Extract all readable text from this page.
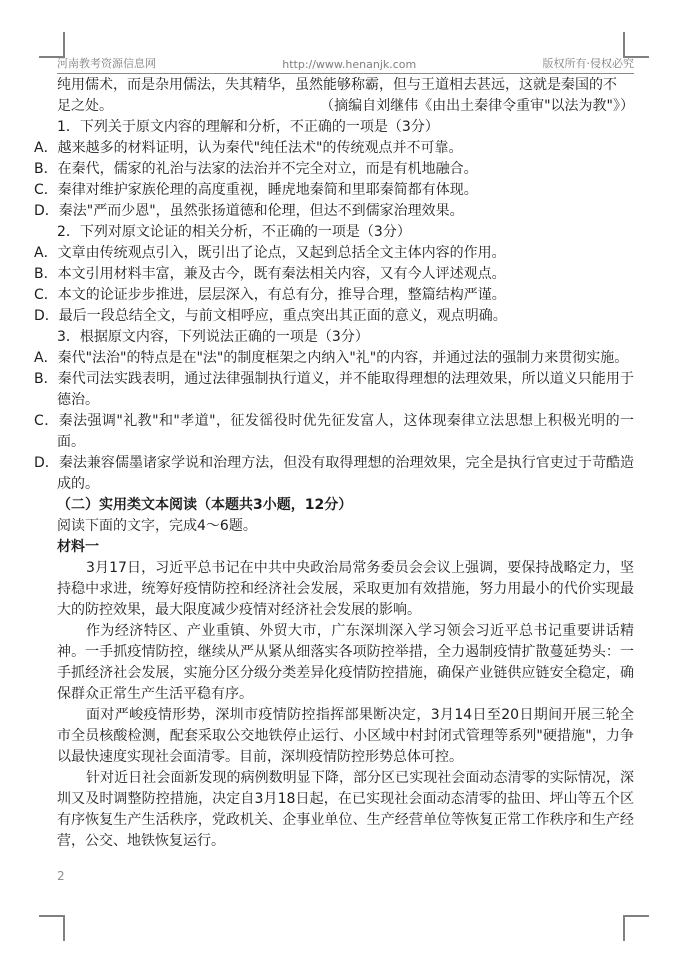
河南教考资源信息网	http://www.henanjk.com	版权所有·侵权必究

纯用儒术，而是杂用儒法，失其精华，虽然能够称霸，但与王道相去甚远，这就是秦国的不

足之处。	（摘编自刘继伟《由出土秦律令重审"以法为教"》）

1．下列关于原文内容的理解和分析，不正确的一项是（3分）

A．越来越多的材料证明，认为秦代"纯任法术"的传统观点并不可靠。

B．在秦代，儒家的礼治与法家的法治并不完全对立，而是有机地融合。

C．秦律对维护家族伦理的高度重视，睡虎地秦简和里耶秦简都有体现。

D．秦法"严而少恩"，虽然张扬道德和伦理，但达不到儒家治理效果。

2．下列对原文论证的相关分析，不正确的一项是（3分）

A．文章由传统观点引入，既引出了论点，又起到总括全文主体内容的作用。

B．本文引用材料丰富，兼及古今，既有秦法相关内容，又有今人评述观点。

C．本文的论证步步推进，层层深入，有总有分，推导合理，整篇结构严谨。

D．最后一段总结全文，与前文相呼应，重点突出其正面的意义，观点明确。

3．根据原文内容，下列说法正确的一项是（3分）

A．秦代"法治"的特点是在"法"的制度框架之内纳入"礼"的内容，并通过法的强制力来贯彻实施。

B．秦代司法实践表明，通过法律强制执行道义，并不能取得理想的法理效果，所以道义只能用于德治。

C．秦法强调"礼教"和"孝道"，征发徭役时优先征发富人，这体现秦律立法思想上积极光明的一面。

D．秦法兼容儒墨诸家学说和治理方法，但没有取得理想的治理效果，完全是执行官吏过于苛酷造成的。

（二）实用类文本阅读（本题共3小题，12分）

阅读下面的文字，完成4～6题。

材料一

3月17日，习近平总书记在中共中央政治局常务委员会会议上强调，要保持战略定力，坚持稳中求进，统筹好疫情防控和经济社会发展，采取更加有效措施，努力用最小的代价实现最大的防控效果，最大限度减少疫情对经济社会发展的影响。

作为经济特区、产业重镇、外贸大市，广东深圳深入学习领会习近平总书记重要讲话精神。一手抓疫情防控，继续从严从紧从细落实各项防控举措，全力遏制疫情扩散蔓延势头：一手抓经济社会发展，实施分区分级分类差异化疫情防控措施，确保产业链供应链安全稳定，确保群众正常生产生活平稳有序。

面对严峻疫情形势，深圳市疫情防控指挥部果断决定，3月14日至20日期间开展三轮全市全员核酸检测，配套采取公交地铁停止运行、小区域中村封闭式管理等系列"硬措施"，力争以最快速度实现社会面清零。目前，深圳疫情防控形势总体可控。

针对近日社会面新发现的病例数明显下降，部分区已实现社会面动态清零的实际情况，深圳又及时调整防控措施，决定自3月18日起，在已实现社会面动态清零的盐田、坪山等五个区有序恢复生产生活秩序，党政机关、企事业单位、生产经营单位等恢复正常工作秩序和生产经营，公交、地铁恢复运行。

2
